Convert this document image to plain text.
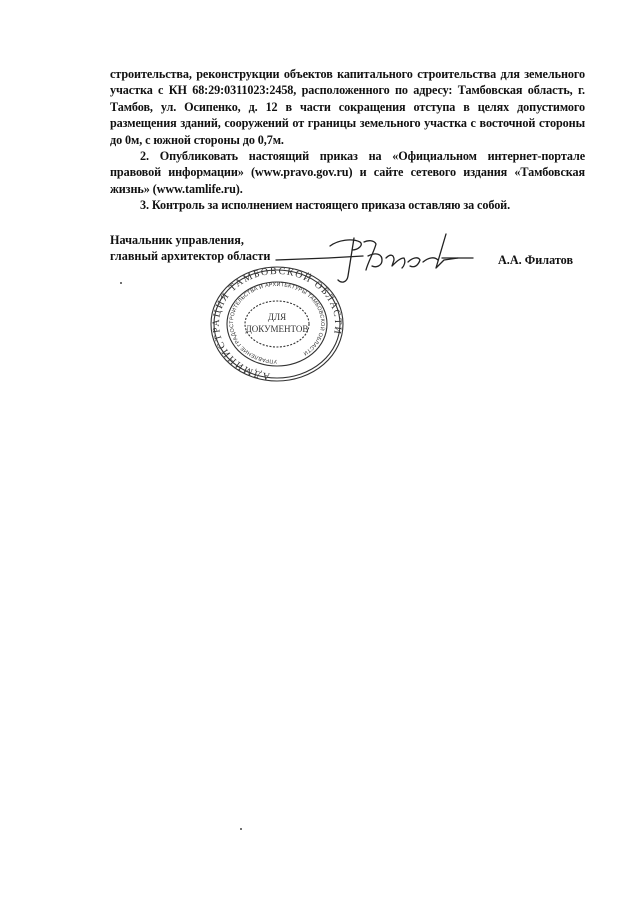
строительства, реконструкции объектов капитального строительства для земельного участка с КН 68:29:0311023:2458, расположенного по адресу: Тамбовская область, г. Тамбов, ул. Осипенко, д. 12 в части сокращения отступа в целях допустимого размещения зданий, сооружений от границы земельного участка с восточной стороны до 0м, с южной стороны до 0,7м.

2. Опубликовать настоящий приказ на «Официальном интернет-портале правовой информации» (www.pravo.gov.ru) и сайте сетевого издания «Тамбовская жизнь» (www.tamlife.ru).

3. Контроль за исполнением настоящего приказа оставляю за собой.

Начальник управления,
главный архитектор области	А.А. Филатов
АДМИНИСТРАЦИЯ ТАМБОВСКОЙ ОБЛАСТИ
УПРАВЛЕНИЕ ГРАДОСТРОИТЕЛЬСТВА И АРХИТЕКТУРЫ ТАМБОВСКОЙ ОБЛАСТИ
ДЛЯ
ДОКУМЕНТОВ
